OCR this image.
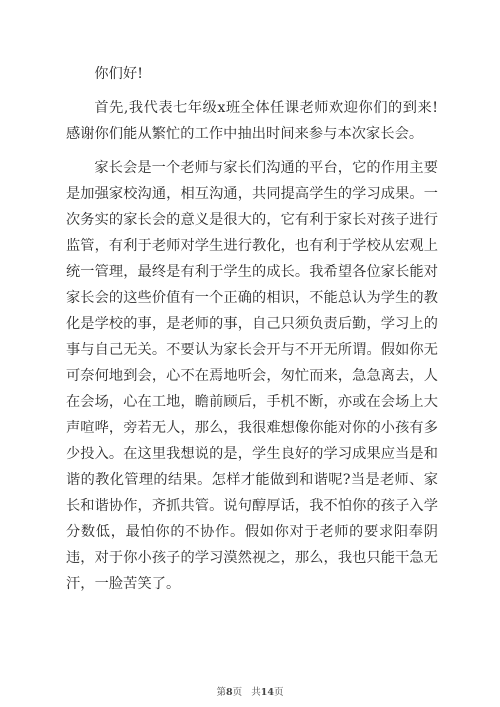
你们好!

首先,我代表七年级x班全体任课老师欢迎你们的到来!感谢你们能从繁忙的工作中抽出时间来参与本次家长会。

家长会是一个老师与家长们沟通的平台，它的作用主要是加强家校沟通，相互沟通，共同提高学生的学习成果。一次务实的家长会的意义是很大的，它有利于家长对孩子进行监管，有利于老师对学生进行教化，也有利于学校从宏观上统一管理，最终是有利于学生的成长。我希望各位家长能对家长会的这些价值有一个正确的相识，不能总认为学生的教化是学校的事，是老师的事，自己只须负责后勤，学习上的事与自己无关。不要认为家长会开与不开无所谓。假如你无可奈何地到会，心不在焉地听会，匆忙而来，急急离去，人在会场，心在工地，瞻前顾后，手机不断，亦或在会场上大声喧哗，旁若无人，那么，我很难想像你能对你的小孩有多少投入。在这里我想说的是，学生良好的学习成果应当是和谐的教化管理的结果。怎样才能做到和谐呢?当是老师、家长和谐协作，齐抓共管。说句醇厚话，我不怕你的孩子入学分数低，最怕你的不协作。假如你对于老师的要求阳奉阴违，对于你小孩子的学习漠然视之，那么，我也只能干急无汗，一脸苦笑了。

第8页 共14页
